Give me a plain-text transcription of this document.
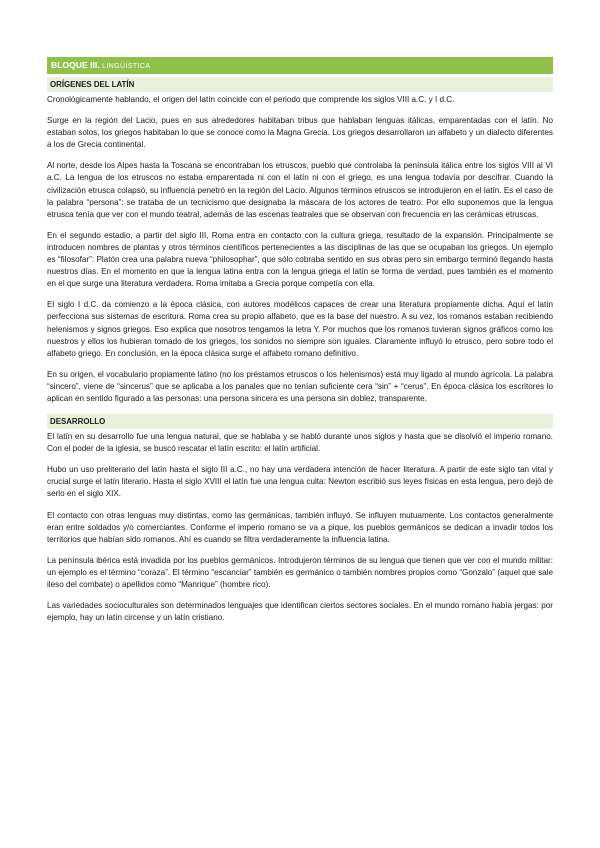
BLOQUE III. LINGÜÍSTICA
ORÍGENES DEL LATÍN

Cronológicamente hablando, el origen del latín coincide con el periodo que comprende los siglos VIII a.C. y I d.C.

Surge en la región del Lacio, pues en sus alrededores habitaban tribus que hablaban lenguas itálicas, emparentadas con el latín. No estaban solos, los griegos habitaban lo que se conoce como la Magna Grecia. Los griegos desarrollaron un alfabeto y un dialecto diferentes a los de Grecia continental.

Al norte, desde los Alpes hasta la Toscana se encontraban los etruscos, pueblo que controlaba la península itálica entre los siglos VIII al VI a.C. La lengua de los etruscos no estaba emparentada ni con el latín ni con el griego, es una lengua todavía por descifrar. Cuando la civilización etrusca colapsó, su influencia penetró en la región del Lacio. Algunos términos etruscos se introdujeron en el latín. Es el caso de la palabra “persona”: se trataba de un tecnicismo que designaba la máscara de los actores de teatro. Por ello suponemos que la lengua etrusca tenía que ver con el mundo teatral, además de las escenas teatrales que se observan con frecuencia en las cerámicas etruscas.

En el segundo estadio, a partir del siglo III, Roma entra en contacto con la cultura griega, resultado de la expansión. Principalmente se introducen nombres de plantas y otros términos científicos pertenecientes a las disciplinas de las que se ocupaban los griegos. Un ejemplo es “filosofar”: Platón crea una palabra nueva “philosophar”, que sólo cobraba sentido en sus obras pero sin embargo terminó llegando hasta nuestros días. En el momento en que la lengua latina entra con la lengua griega el latín se forma de verdad, pues también es el momento en el que surge una literatura verdadera. Roma imitaba a Grecia porque competía con ella.

El siglo I d.C. da comienzo a la época clásica, con autores modélicos capaces de crear una literatura propiamente dicha. Aquí el latín perfecciona sus sistemas de escritura. Roma crea su propio alfabeto, que es la base del nuestro. A su vez, los romanos estaban recibiendo helenismos y signos griegos. Eso explica que nosotros tengamos la letra Y. Por muchos que los romanos tuvieran signos gráficos como los nuestros y ellos los hubieran tomado de los griegos, los sonidos no siempre son iguales. Claramente influyó lo etrusco, pero sobre todo el alfabeto griego. En conclusión, en la época clásica surge el alfabeto romano definitivo.

En su origen, el vocabulario propiamente latino (no los préstamos etruscos o los helenismos) está muy ligado al mundo agrícola. La palabra “sincero”, viene de “sincerus” que se aplicaba a los panales que no tenían suficiente cera “sin” + “cerus”. En época clásica los escritores lo aplican en sentido figurado a las personas: una persona sincera es una persona sin doblez, transparente.

DESARROLLO

El latín en su desarrollo fue una lengua natural, que se hablaba y se habló durante unos siglos y hasta que se disolvió el imperio romano. Con el poder de la iglesia, se buscó rescatar el latín escrito: el latín artificial.

Hubo un uso preliterario del latín hasta el siglo III a.C., no hay una verdadera intención de hacer literatura. A partir de este siglo tan vital y crucial surge el latín literario. Hasta el siglo XVIII el latín fue una lengua culta: Newton escribió sus leyes físicas en esta lengua, pero dejó de serlo en el siglo XIX.

El contacto con otras lenguas muy distintas, como las germánicas, también influyó. Se influyen mutuamente. Los contactos generalmente eran entre soldados y/o comerciantes. Conforme el imperio romano se va a pique, los pueblos germánicos se dedican a invadir todos los territorios que habían sido romanos. Ahí es cuando se filtra verdaderamente la influencia latina.

La península ibérica está invadida por los pueblos germánicos. Introdujeron términos de su lengua que tienen que ver con el mundo militar: un ejemplo es el término “coraza”. El término “escanciar” también es germánico o también nombres propios como “Gonzalo” (aquel que sale ileso del combate) o apellidos como “Manrique” (hombre rico).

Las variedades socioculturales son determinados lenguajes que identifican ciertos sectores sociales. En el mundo romano había jergas: por ejemplo, hay un latín circense y un latín cristiano.
